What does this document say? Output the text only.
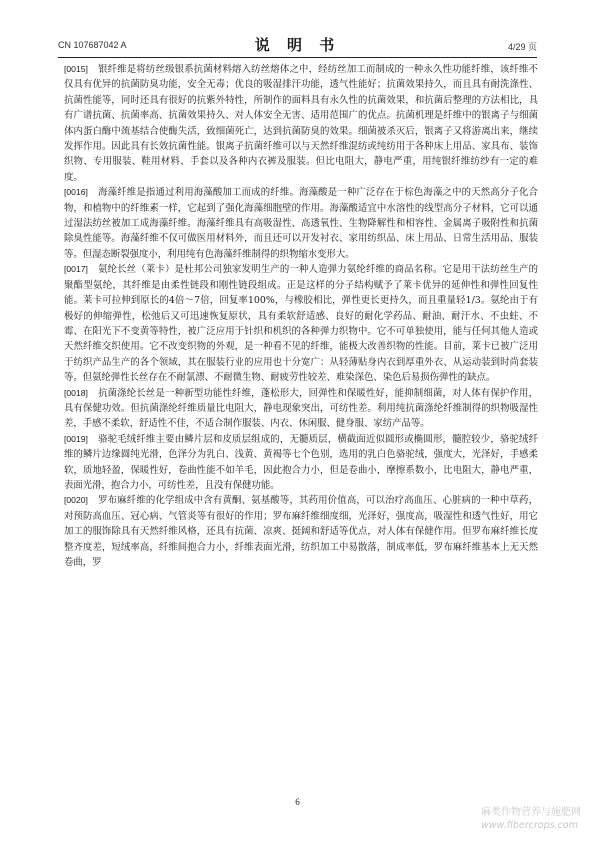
CN 107687042 A	说 明 书	4/29 页

[0015] 银纤维是将纺丝级银系抗菌材料熔入纺丝熔体之中，经纺丝加工而制成的一种永久性功能纤维，该纤维不仅具有优异的抗菌防臭功能，安全无毒；优良的吸湿排汗功能，透气性能好；抗菌效果持久，而且具有耐洗涤性、抗菌性能等，同时还具有很好的抗紫外特性，所制作的面料具有永久性的抗菌效果，和抗菌后整理的方法相比，具有广谱抗菌、抗菌率高、抗菌效果持久、对人体安全无害、适用范围广的优点。抗菌机理是纤维中的银离子与细菌体内蛋白酶中巯基结合使酶失活，致细菌死亡，达到抗菌防臭的效果。细菌被杀灭后，银离子又将游离出来，继续发挥作用。因此具有长效抗菌性能。银离子抗菌纤维可以与天然纤维混纺或纯纺用于各种床上用品、家具布、装饰织物、专用服装、鞋用材料、手套以及各种内衣裤及服装。但比电阻大，静电严重，用纯银纤维纺纱有一定的难度。

[0016] 海藻纤维是指通过利用海藻酸加工而成的纤维。海藻酸是一种广泛存在于棕色海藻之中的天然高分子化合物，和植物中的纤维素一样，它起到了强化海藻细胞壁的作用。海藻酸适宜中水溶性的线型高分子材料，它可以通过湿法纺丝被加工成海藻纤维。海藻纤维具有高吸湿性、高透氧性、生物降解性和相容性、金属离子吸附性和抗菌除臭性能等。海藻纤维不仅可做医用材料外，而且还可以开发衬衣、家用纺织品、床上用品、日常生活用品、服装等。但湿态断裂强度小，利用纯有色海藻纤维制得的织物缩水变形大。

[0017] 氨纶长丝（莱卡）是杜邦公司独家发明生产的一种人造弹力氨纶纤维的商品名称。它是用干法纺丝生产的聚酯型氨纶，其纤维是由柔性链段和刚性链段组成。正是这样的分子结构赋予了莱卡优异的延伸性和弹性回复性能。莱卡可拉伸到原长的4倍～7倍，回复率100%，与橡胶相比，弹性更长更持久，而且重量轻1/3。氨纶由于有极好的伸缩弹性，松弛后又可迅速恢复原状，具有柔软舒适感、良好的耐化学药品、耐油、耐汗水、不虫蛀、不霉、在阳光下不变黄等特性，被广泛应用于针织和机织的各种弹力织物中。它不可单独使用，能与任何其他人造或天然纤维交织使用。它不改变织物的外观，是一种看不见的纤维，能极大改善织物的性能。目前，莱卡已被广泛用于纺织产品生产的各个领域，其在服装行业的应用也十分宽广：从轻薄贴身内衣到厚重外衣、从运动装到时尚套装等。但氨纶弹性长丝存在不耐氯漂、不耐微生物、耐疲劳性较差、难染深色、染色后易损伤弹性的缺点。

[0018] 抗菌涤纶长丝是一种新型功能性纤维，蓬松形大，回弹性和保暖性好，能抑制细菌，对人体有保护作用，具有保健功效。但抗菌涤纶纤维质量比电阻大，静电现象突出，可纺性差。利用纯抗菌涤纶纤维制得的织物吸湿性差，手感不柔软，舒适性不佳，不适合制作服装、内衣、休闲服、健身服、家纺产品等。

[0019] 骆驼毛绒纤维主要由鳞片层和皮质层组成的，无髓质层，横截面近似圆形或椭圆形，髓腔较少，骆驼绒纤维的鳞片边缘圆纯光滑，色泽分为乳白、浅黄、黄褐等七个色别，选用的乳白色骆驼绒，强度大，光泽好，手感柔软，质地轻盈，保暖性好，卷曲性能不如羊毛，因此抱合力小，但是卷曲小，摩擦系数小，比电阻大，静电严重，表面光滑，抱合力小，可纺性差，且没有保健功能。

[0020] 罗布麻纤维的化学组成中含有黄酮、氨基酸等，其药用价值高，可以治疗高血压、心脏病的一种中草药，对预防高血压、冠心病、气管炎等有很好的作用；罗布麻纤维细度细，光泽好，强度高，吸湿性和透气性好，用它加工的服饰除具有天然纤维风格，还具有抗菌、凉爽、挺阔和舒适等优点，对人体有保健作用。但罗布麻纤维长度整齐度差，短绒率高，纤维间抱合力小，纤维表面光滑，纺织加工中易散落，制成率低，罗布麻纤维基本上无天然卷曲，罗

6
麻类作物营养与施肥网
www.fibercrops.com
